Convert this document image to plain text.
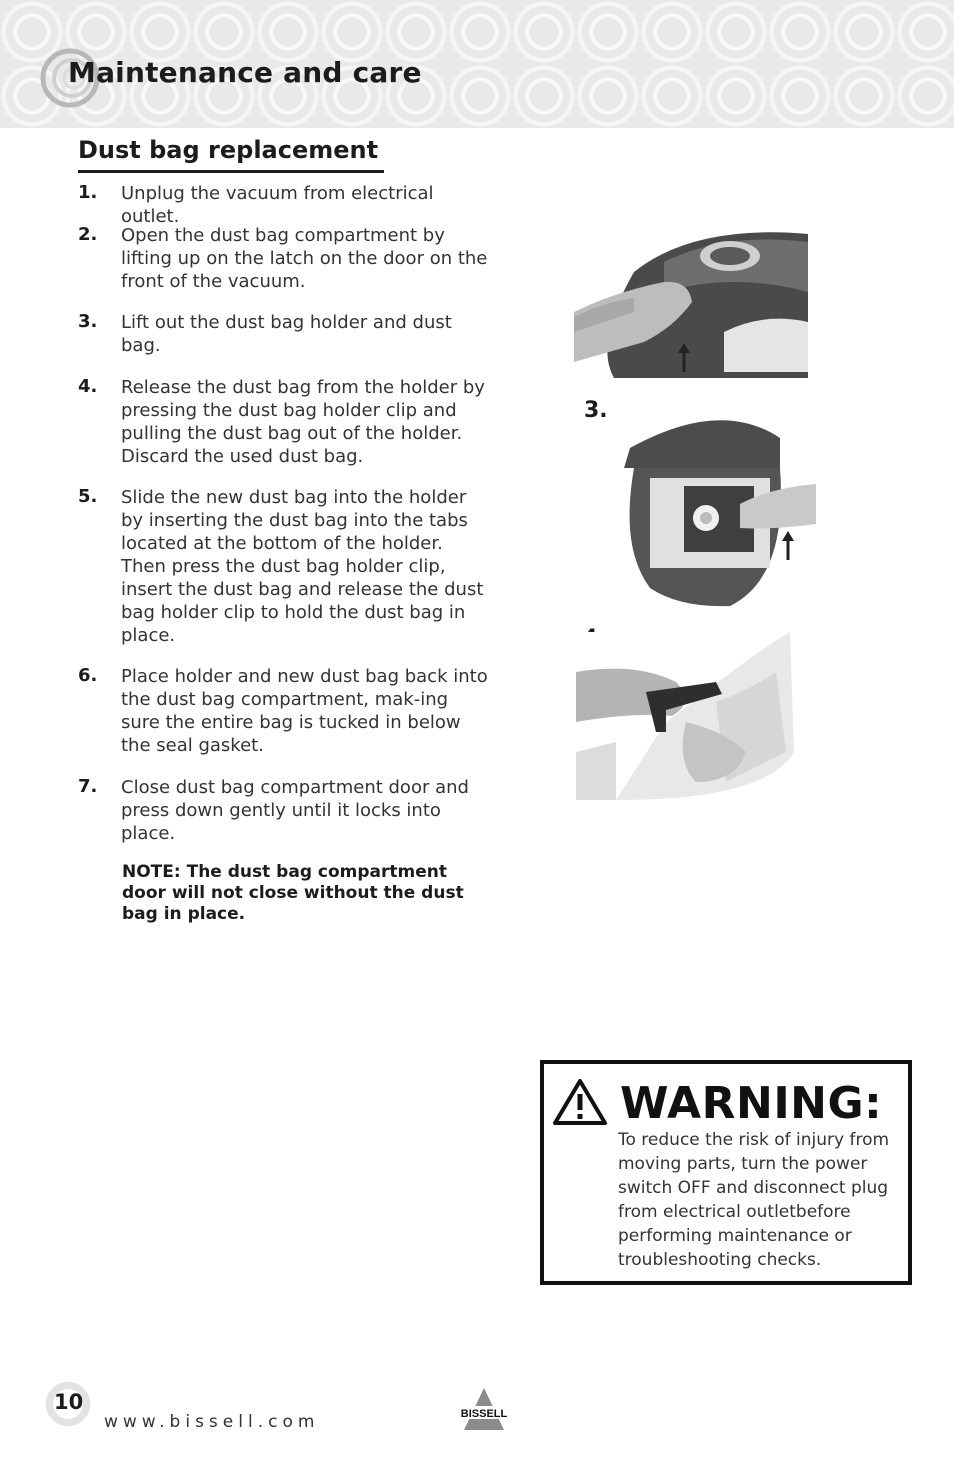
Maintenance and care
Dust bag replacement
1. Unplug the vacuum from electrical outlet.
2. Open the dust bag compartment by lifting up on the latch on the door on the front of the vacuum.
3. Lift out the dust bag holder and dust bag.
4. Release the dust bag from the holder by pressing the dust bag holder clip and pulling the dust bag out of the holder. Discard the used dust bag.
5. Slide the new dust bag into the holder by inserting the dust bag into the tabs located at the bottom of the holder. Then press the dust bag holder clip, insert the dust bag and release the dust bag holder clip to hold the dust bag in place.
6. Place holder and new dust bag back into the dust bag compartment, mak-ing sure the entire bag is tucked in below the seal gasket.
7. Close dust bag compartment door and press down gently until it locks into place.
NOTE: The dust bag compartment door will not close without the dust bag in place.
3.
WARNING:
To reduce the risk of injury from moving parts, turn the power switch OFF and disconnect plug from electrical outletbefore performing maintenance or troubleshooting checks.
10
www.bissell.com	BISSELL
